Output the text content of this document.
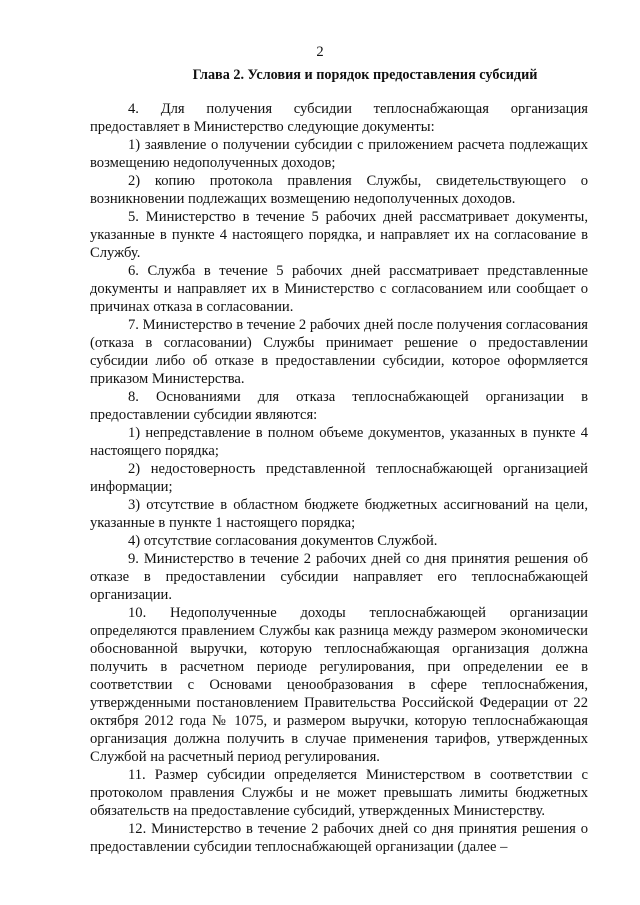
2
Глава 2. Условия и порядок предоставления субсидий

4. Для получения субсидии теплоснабжающая организация предоставляет в Министерство следующие документы:

1) заявление о получении субсидии с приложением расчета подлежащих возмещению недополученных доходов;

2) копию протокола правления Службы, свидетельствующего о возникновении подлежащих возмещению недополученных доходов.

5. Министерство в течение 5 рабочих дней рассматривает документы, указанные в пункте 4 настоящего порядка, и направляет их на согласование в Службу.

6. Служба в течение 5 рабочих дней рассматривает представленные документы и направляет их в Министерство с согласованием или сообщает о причинах отказа в согласовании.

7. Министерство в течение 2 рабочих дней после получения согласования (отказа в согласовании) Службы принимает решение о предоставлении субсидии либо об отказе в предоставлении субсидии, которое оформляется приказом Министерства.

8. Основаниями для отказа теплоснабжающей организации в предоставлении субсидии являются:

1) непредставление в полном объеме документов, указанных в пункте 4 настоящего порядка;

2) недостоверность представленной теплоснабжающей организацией информации;

3) отсутствие в областном бюджете бюджетных ассигнований на цели, указанные в пункте 1 настоящего порядка;

4) отсутствие согласования документов Службой.

9. Министерство в течение 2 рабочих дней со дня принятия решения об отказе в предоставлении субсидии направляет его теплоснабжающей организации.

10. Недополученные доходы теплоснабжающей организации определяются правлением Службы как разница между размером экономически обоснованной выручки, которую теплоснабжающая организация должна получить в расчетном периоде регулирования, при определении ее в соответствии с Основами ценообразования в сфере теплоснабжения, утвержденными постановлением Правительства Российской Федерации от 22 октября 2012 года № 1075, и размером выручки, которую теплоснабжающая организация должна получить в случае применения тарифов, утвержденных Службой на расчетный период регулирования.

11. Размер субсидии определяется Министерством в соответствии с протоколом правления Службы и не может превышать лимиты бюджетных обязательств на предоставление субсидий, утвержденных Министерству.

12. Министерство в течение 2 рабочих дней со дня принятия решения о предоставлении субсидии теплоснабжающей организации (далее –
